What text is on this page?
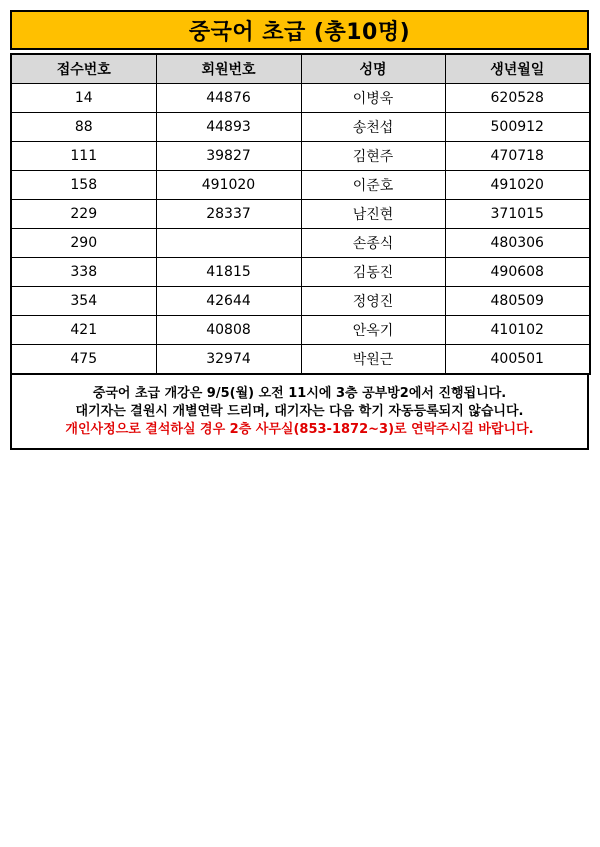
중국어 초급 (총10명)
접수번호	회원번호	성명	생년월일
14	44876	이병욱	620528
88	44893	송천섭	500912
111	39827	김현주	470718
158	491020	이준호	491020
229	28337	남진현	371015
290		손종식	480306
338	41815	김동진	490608
354	42644	정영진	480509
421	40808	안옥기	410102
475	32974	박원근	400501
중국어 초급 개강은 9/5(월) 오전 11시에 3층 공부방2에서 진행됩니다.
대기자는 결원시 개별연락 드리며, 대기자는 다음 학기 자동등록되지 않습니다.
개인사정으로 결석하실 경우 2층 사무실(853-1872~3)로 연락주시길 바랍니다.
